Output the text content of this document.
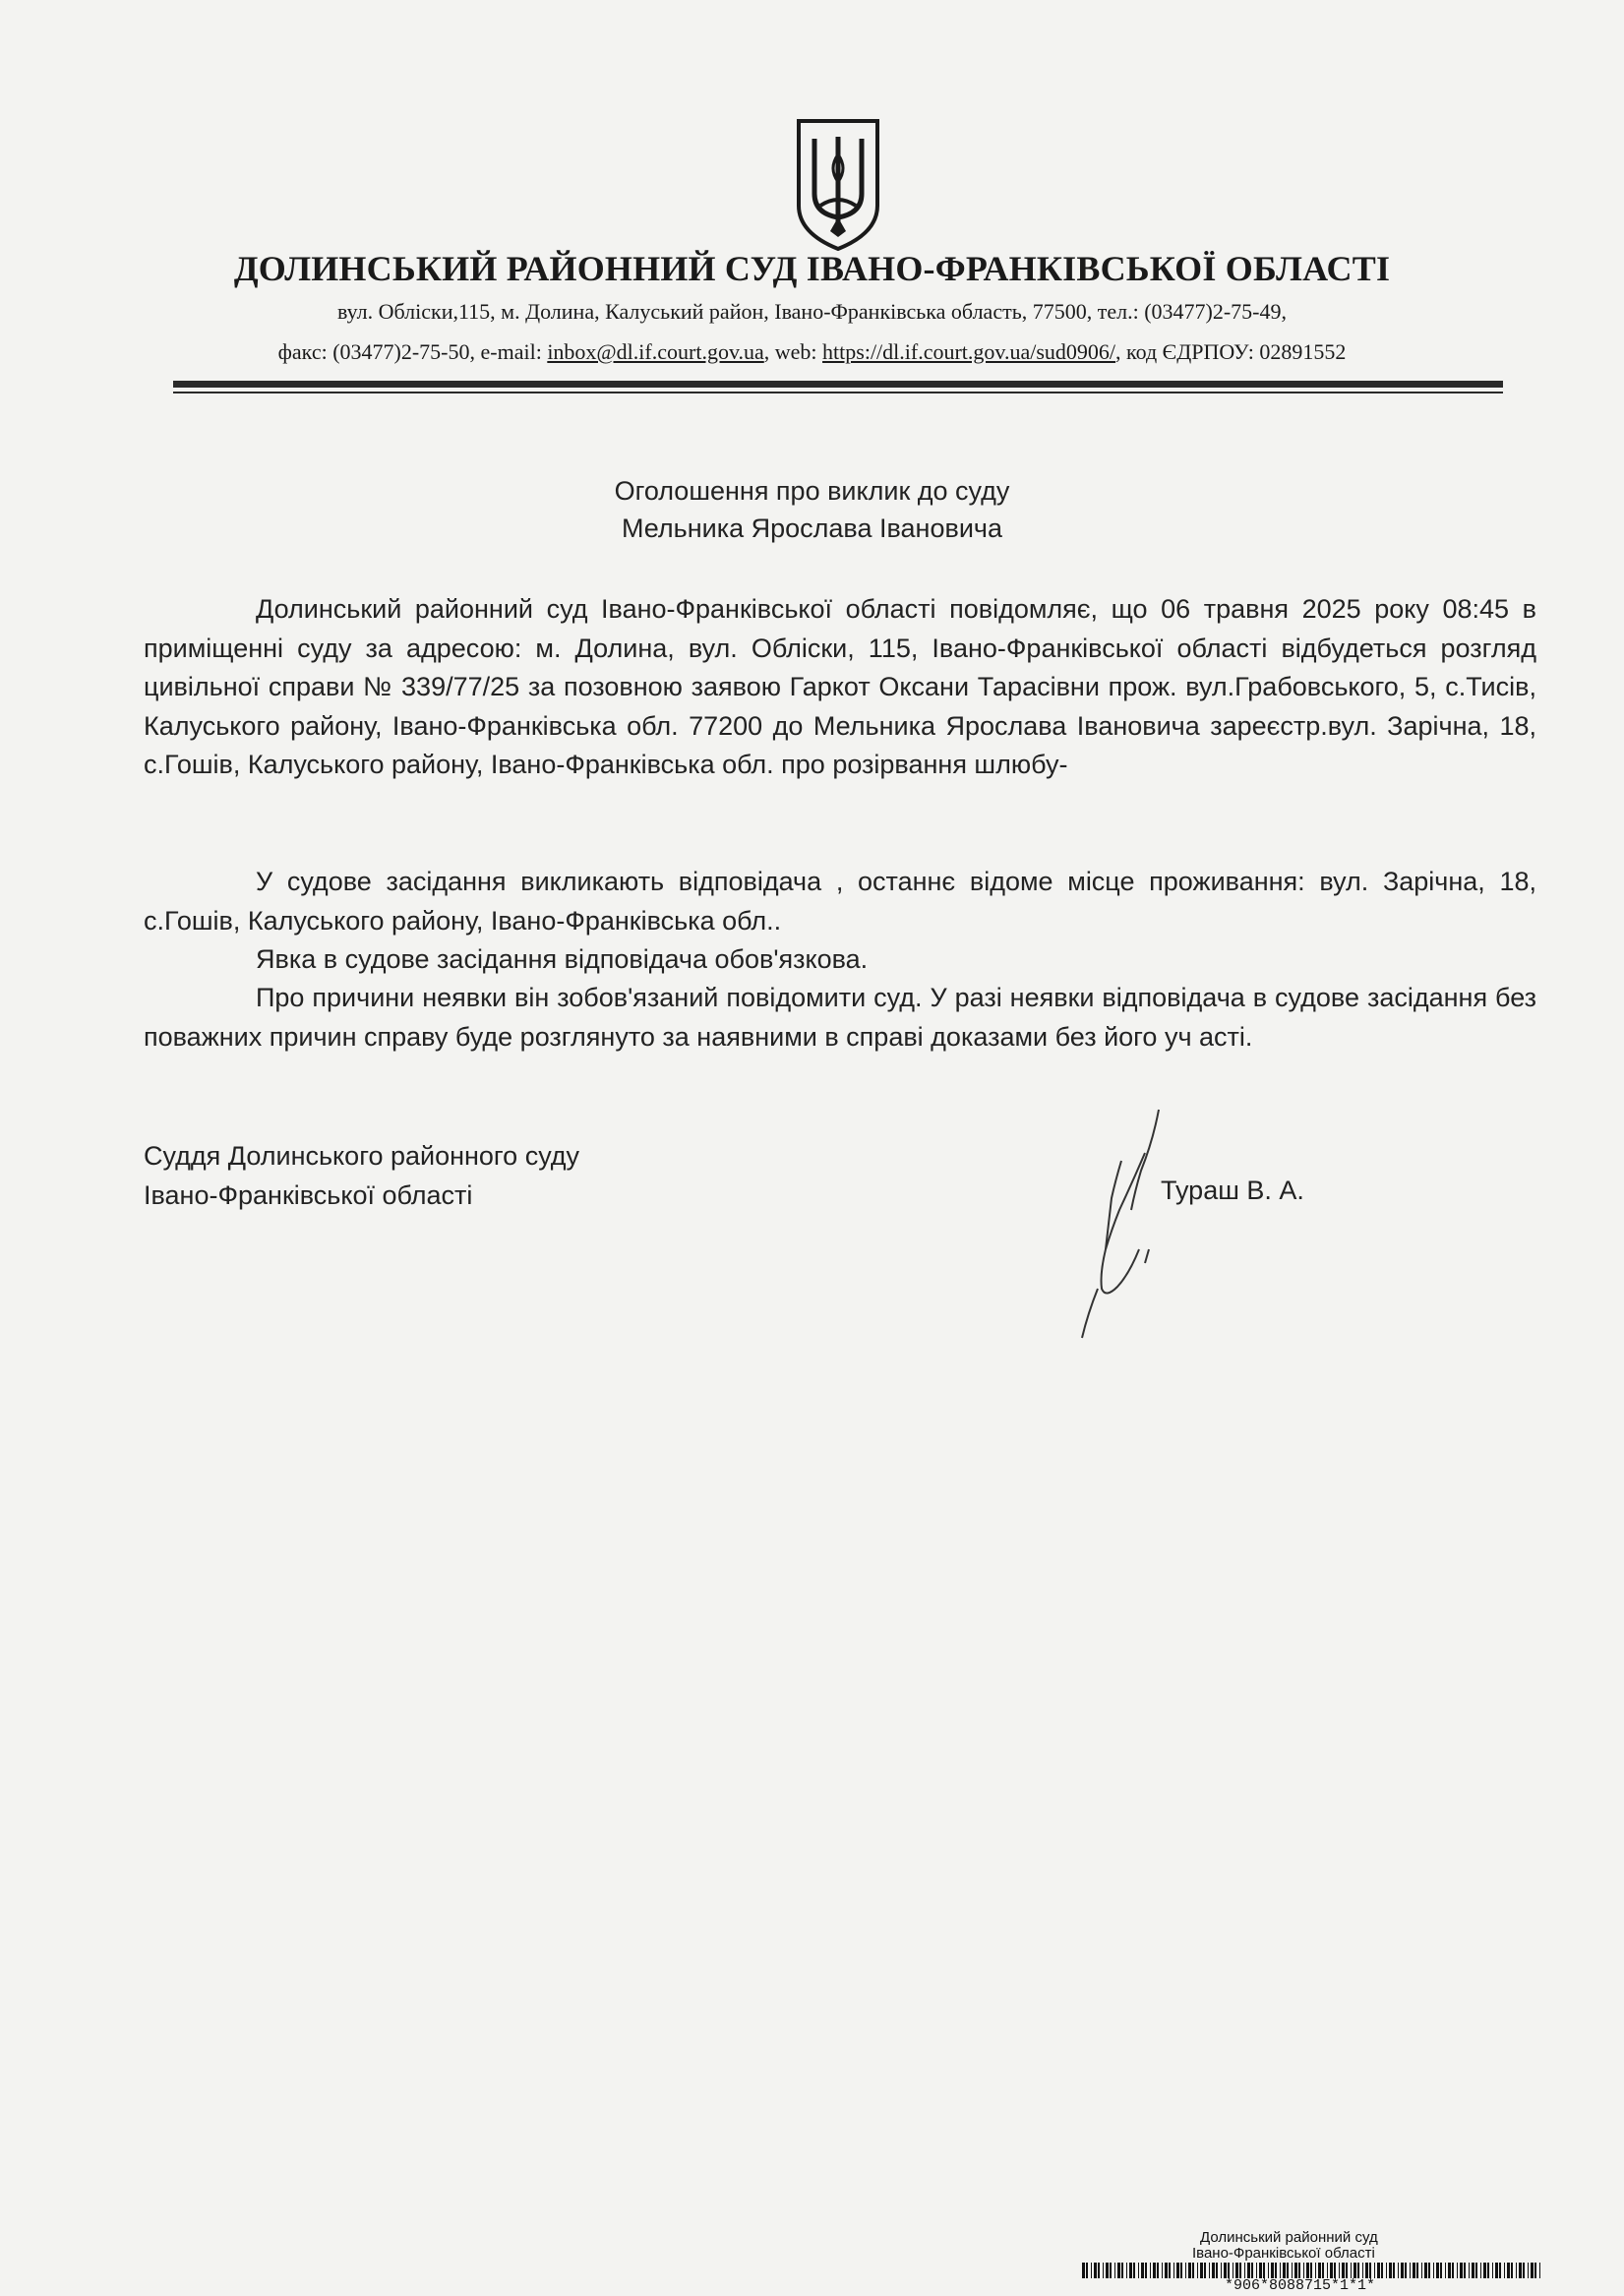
ДОЛИНСЬКИЙ РАЙОННИЙ СУД ІВАНО-ФРАНКІВСЬКОЇ ОБЛАСТІ
вул. Обліски,115, м. Долина, Калуський район, Івано-Франківська область, 77500, тел.: (03477)2-75-49,
факс: (03477)2-75-50, e-mail: inbox@dl.if.court.gov.ua, web: https://dl.if.court.gov.ua/sud0906/, код ЄДРПОУ: 02891552
Оголошення про виклик до суду
Мельника Ярослава Івановича
Долинський районний суд Івано-Франківської області повідомляє, що 06 травня 2025 року 08:45 в приміщенні суду за адресою: м. Долина, вул. Обліски, 115, Івано-Франківської області відбудеться розгляд цивільної справи № 339/77/25 за позовною заявою Гаркот Оксани Тарасівни прож. вул.Грабовського, 5, с.Тисів, Калуського району, Івано-Франківська обл. 77200 до Мельника Ярослава Івановича зареєстр.вул. Зарічна, 18, с.Гошів, Калуського району, Івано-Франківська обл. про розірвання шлюбу-
У судове засідання викликають відповідача , останнє відоме місце проживання: вул. Зарічна, 18, с.Гошів, Калуського району, Івано-Франківська обл..
Явка в судове засідання відповідача обов'язкова.
Про причини неявки він зобов'язаний повідомити суд. У разі неявки відповідача в судове засідання без поважних причин справу буде розглянуто за наявними в справі доказами без його уч асті.
Суддя Долинського районного суду
Івано-Франківської області	Тураш В. А.
Долинський районний суд
Івано-Франківської області
*906*8088715*1*1*
